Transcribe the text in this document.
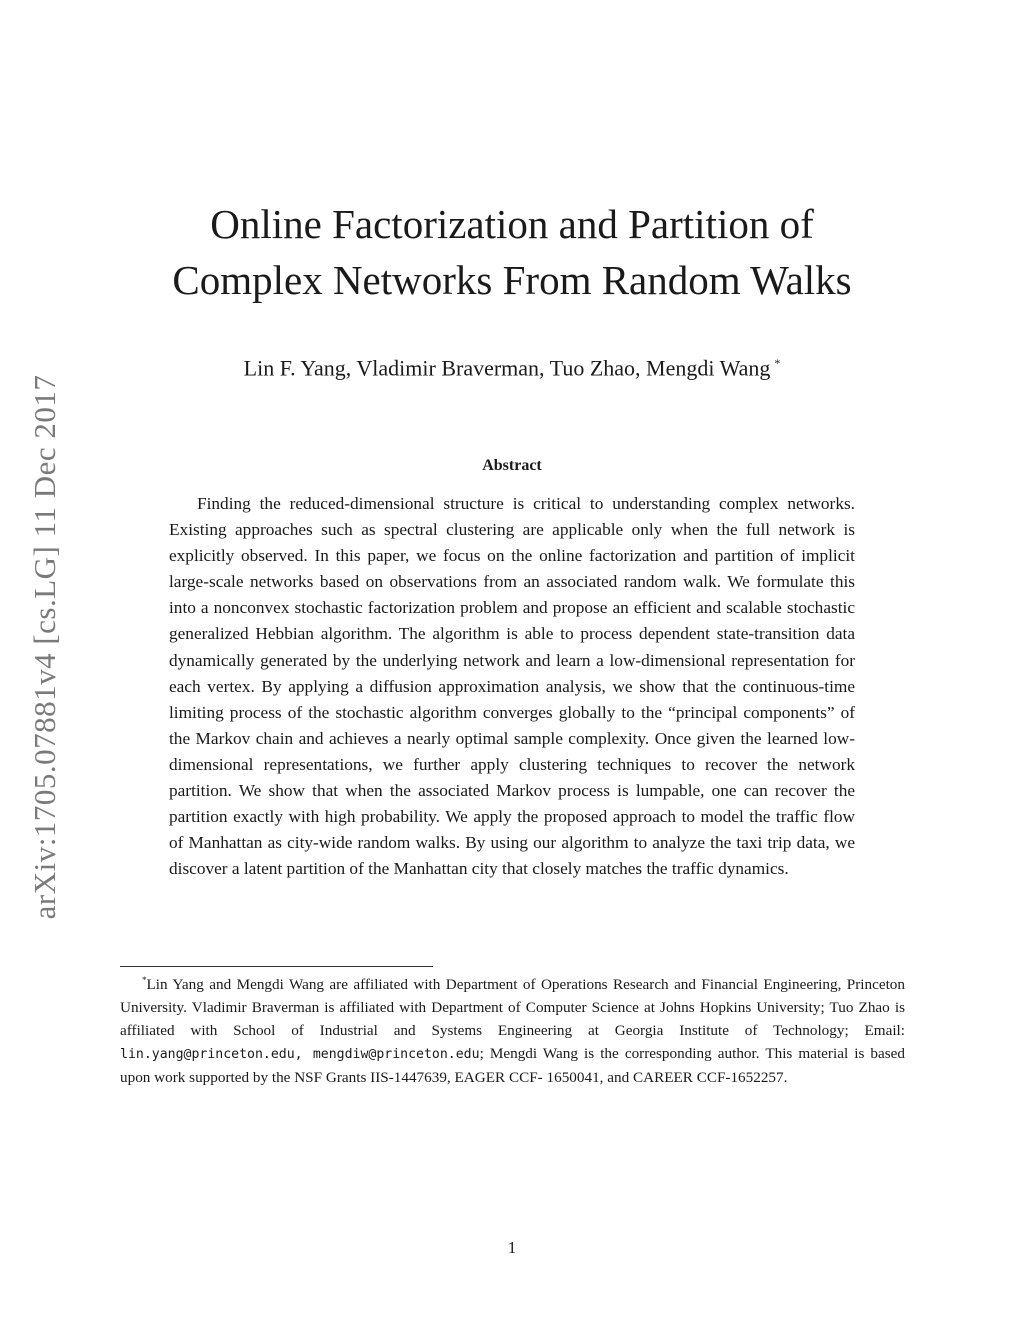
arXiv:1705.07881v4 [cs.LG] 11 Dec 2017
Online Factorization and Partition of
Complex Networks From Random Walks
Lin F. Yang, Vladimir Braverman, Tuo Zhao, Mengdi Wang *
Abstract
Finding the reduced-dimensional structure is critical to understanding complex networks. Existing approaches such as spectral clustering are applicable only when the full network is explicitly observed. In this paper, we focus on the online factorization and partition of implicit large-scale networks based on observations from an associated random walk. We formulate this into a nonconvex stochastic factorization problem and propose an efficient and scalable stochastic generalized Hebbian algorithm. The algorithm is able to process dependent state-transition data dynamically generated by the underlying network and learn a low-dimensional representation for each vertex. By applying a diffusion approximation analysis, we show that the continuous-time limiting process of the stochastic algorithm converges globally to the “principal components” of the Markov chain and achieves a nearly optimal sample complexity. Once given the learned low-dimensional representations, we further apply clustering techniques to recover the network partition. We show that when the associated Markov process is lumpable, one can recover the partition exactly with high probability. We apply the proposed approach to model the traffic flow of Manhattan as city-wide random walks. By using our algorithm to analyze the taxi trip data, we discover a latent partition of the Manhattan city that closely matches the traffic dynamics.
*Lin Yang and Mengdi Wang are affiliated with Department of Operations Research and Financial Engineering, Princeton University. Vladimir Braverman is affiliated with Department of Computer Science at Johns Hopkins University; Tuo Zhao is affiliated with School of Industrial and Systems Engineering at Georgia Institute of Technology; Email: lin.yang@princeton.edu, mengdiw@princeton.edu; Mengdi Wang is the corresponding author. This material is based upon work supported by the NSF Grants IIS-1447639, EAGER CCF- 1650041, and CAREER CCF-1652257.
1
